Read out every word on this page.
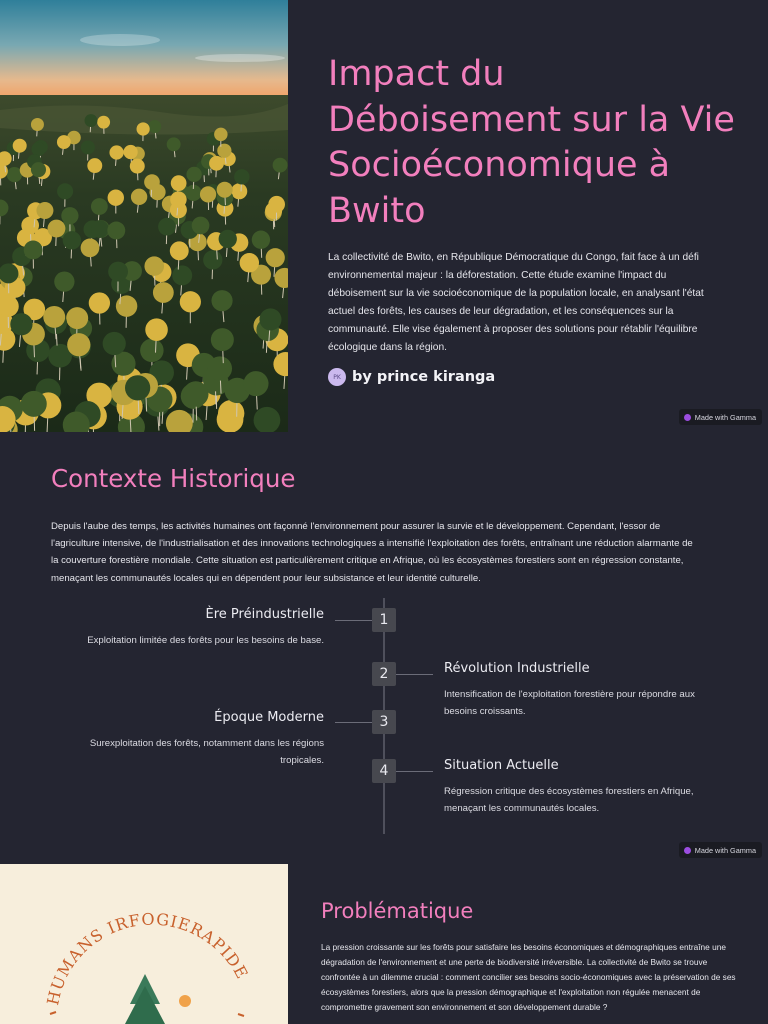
Impact du Déboisement sur la Vie Socioéconomique à Bwito
La collectivité de Bwito, en République Démocratique du Congo, fait face à un défi environnemental majeur : la déforestation. Cette étude examine l'impact du déboisement sur la vie socioéconomique de la population locale, en analysant l'état actuel des forêts, les causes de leur dégradation, et les conséquences sur la communauté. Elle vise également à proposer des solutions pour rétablir l'équilibre écologique dans la région.
PK by prince kiranga
Made with Gamma
Contexte Historique
Depuis l'aube des temps, les activités humaines ont façonné l'environnement pour assurer la survie et le développement. Cependant, l'essor de l'agriculture intensive, de l'industrialisation et des innovations technologiques a intensifié l'exploitation des forêts, entraînant une réduction alarmante de la couverture forestière mondiale. Cette situation est particulièrement critique en Afrique, où les écosystèmes forestiers sont en régression constante, menaçant les communautés locales qui en dépendent pour leur subsistance et leur identité culturelle.
Made with Gamma
1
Ère Préindustrielle
Exploitation limitée des forêts pour les besoins de base.
2	Révolution Industrielle
Intensification de l'exploitation forestière pour répondre aux besoins croissants.
3
Époque Moderne
Surexploitation des forêts, notamment dans les régions tropicales.
4	Situation Actuelle
Régression critique des écosystèmes forestiers en Afrique, menaçant les communautés locales.
HUMANS IRFOGIERAPIDE
Problématique
La pression croissante sur les forêts pour satisfaire les besoins économiques et démographiques entraîne une dégradation de l'environnement et une perte de biodiversité irréversible. La collectivité de Bwito se trouve confrontée à un dilemme crucial : comment concilier ses besoins socio-économiques avec la préservation de ses écosystèmes forestiers, alors que la pression démographique et l'exploitation non régulée menacent de compromettre gravement son environnement et son développement durable ?
